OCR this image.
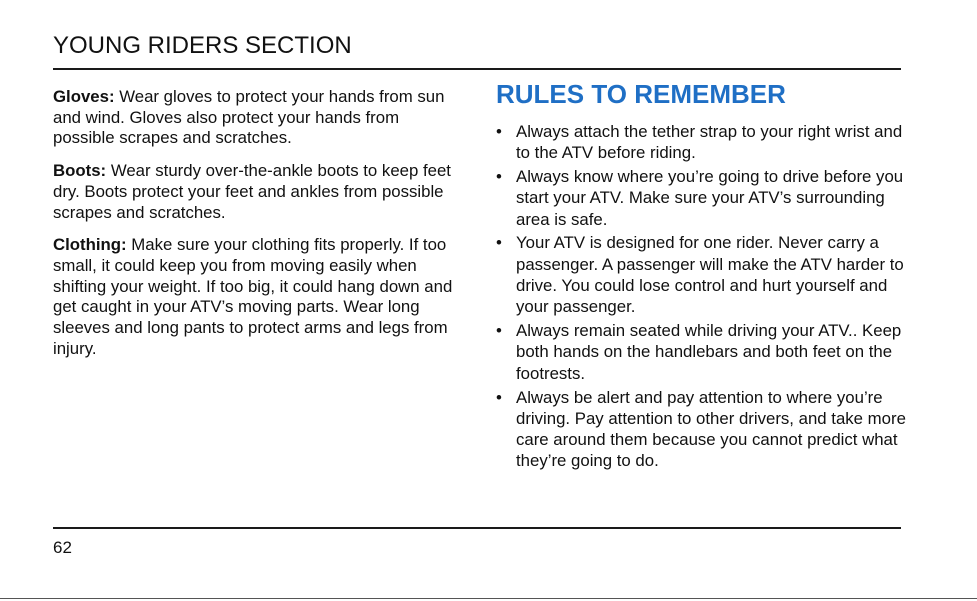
YOUNG RIDERS SECTION

Gloves: Wear gloves to protect your hands from sun and wind. Gloves also protect your hands from possible scrapes and scratches.

Boots: Wear sturdy over-the-ankle boots to keep feet dry. Boots protect your feet and ankles from possible scrapes and scratches.

Clothing: Make sure your clothing fits properly. If too small, it could keep you from moving easily when shifting your weight. If too big, it could hang down and get caught in your ATV’s moving parts. Wear long sleeves and long pants to protect arms and legs from injury.

RULES TO REMEMBER
• Always attach the tether strap to your right wrist and to the ATV before riding.
• Always know where you’re going to drive before you start your ATV. Make sure your ATV’s surrounding area is safe.
• Your ATV is designed for one rider. Never carry a passenger. A passenger will make the ATV harder to drive. You could lose control and hurt yourself and your passenger.
• Always remain seated while driving your ATV.. Keep both hands on the handlebars and both feet on the footrests.
• Always be alert and pay attention to where you’re driving. Pay attention to other drivers, and take more care around them because you cannot predict what they’re going to do.
62
